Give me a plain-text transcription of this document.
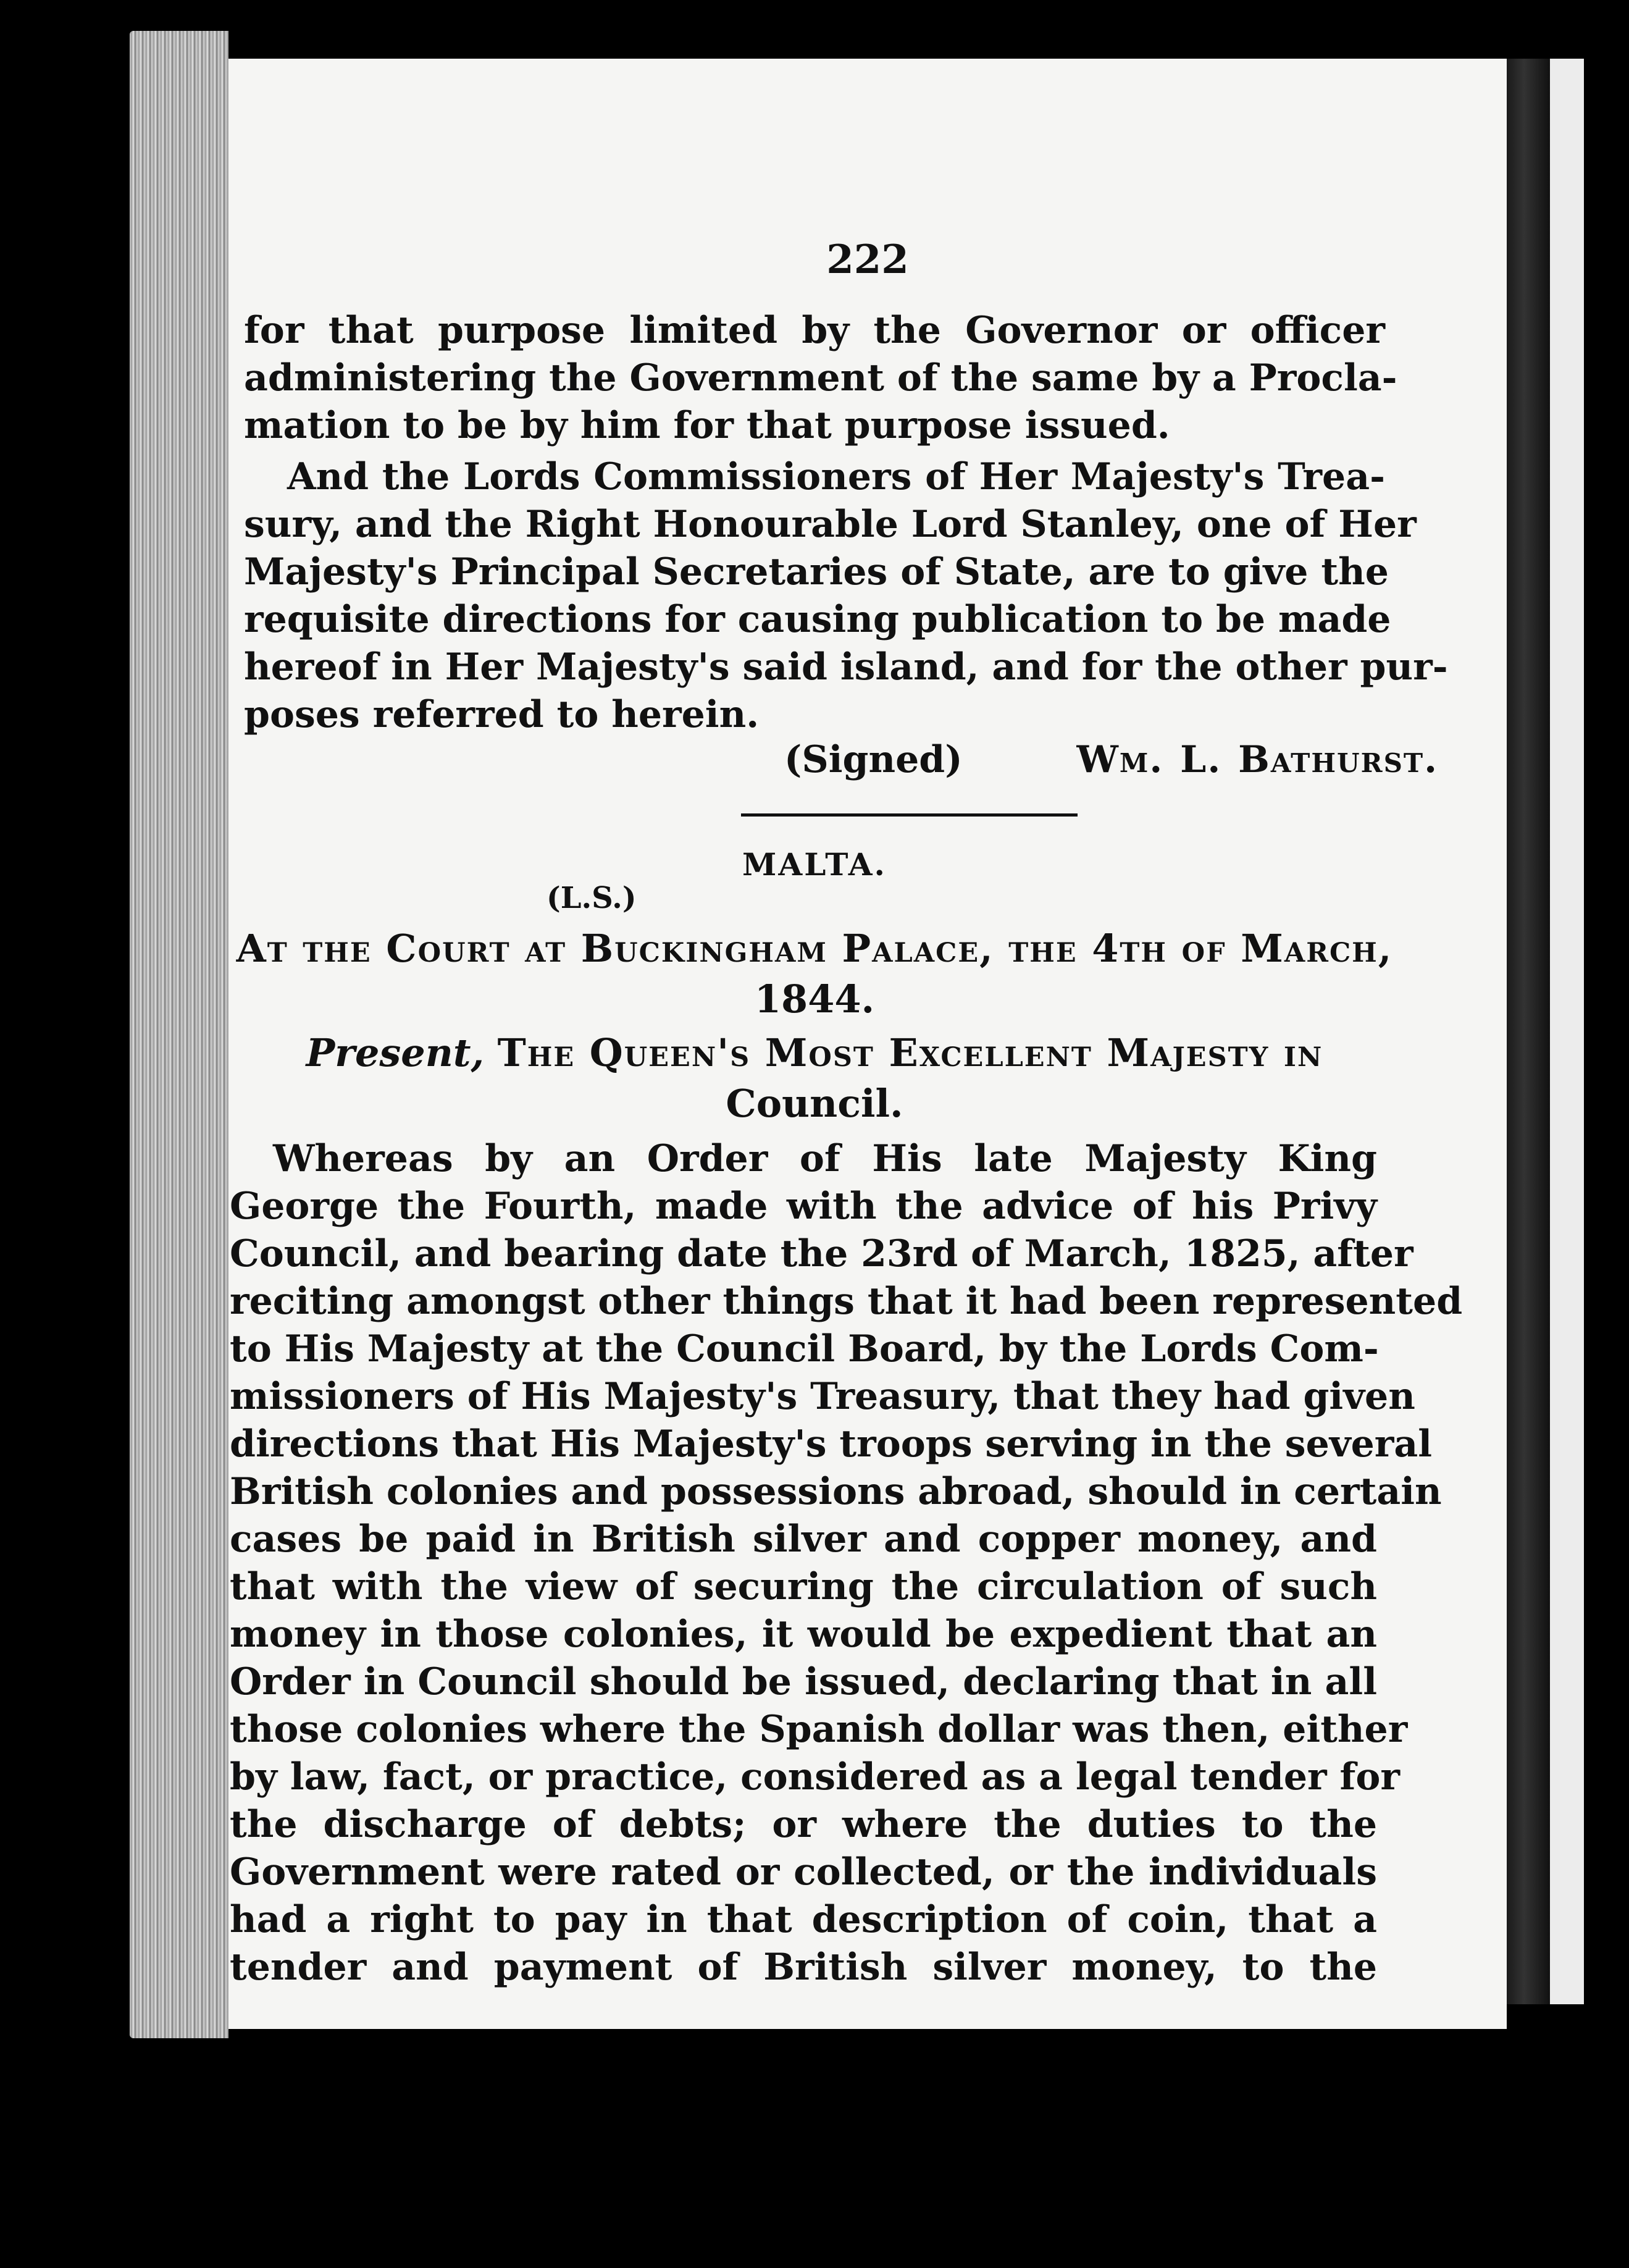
222
for that purpose limited by the Governor or officer
administering the Government of the same by a Procla-
mation to be by him for that purpose issued.
And the Lords Commissioners of Her Majesty's Trea-
sury, and the Right Honourable Lord Stanley, one of Her
Majesty's Principal Secretaries of State, are to give the
requisite directions for causing publication to be made
hereof in Her Majesty's said island, and for the other pur-
poses referred to herein.
(Signed)	Wm. L. Bathurst.
MALTA.
(L.S.)
At the Court at Buckingham Palace, the 4th of March,
1844.
Present, The Queen's Most Excellent Majesty in
Council.
Whereas by an Order of His late Majesty King
George the Fourth, made with the advice of his Privy
Council, and bearing date the 23rd of March, 1825, after
reciting amongst other things that it had been represented
to His Majesty at the Council Board, by the Lords Com-
missioners of His Majesty's Treasury, that they had given
directions that His Majesty's troops serving in the several
British colonies and possessions abroad, should in certain
cases be paid in British silver and copper money, and
that with the view of securing the circulation of such
money in those colonies, it would be expedient that an
Order in Council should be issued, declaring that in all
those colonies where the Spanish dollar was then, either
by law, fact, or practice, considered as a legal tender for
the discharge of debts; or where the duties to the
Government were rated or collected, or the individuals
had a right to pay in that description of coin, that a
tender and payment of British silver money, to the
